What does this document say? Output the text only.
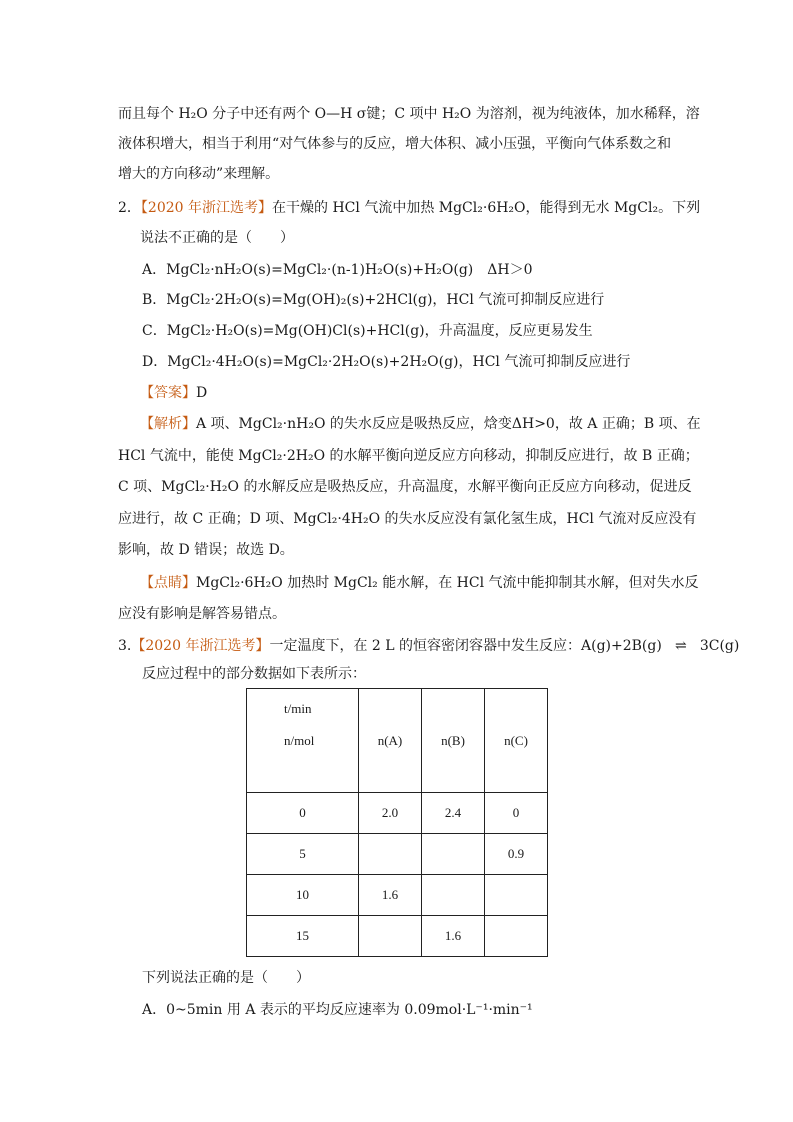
而且每个 H₂O 分子中还有两个 O—H σ键；C 项中 H₂O 为溶剂，视为纯液体，加水稀释，溶
液体积增大，相当于利用“对气体参与的反应，增大体积、减小压强，平衡向气体系数之和
增大的方向移动”来理解。
2．【2020 年浙江选考】在干燥的 HCl 气流中加热 MgCl₂·6H₂O，能得到无水 MgCl₂。下列
说法不正确的是（　　）
A．MgCl₂·nH₂O(s)=MgCl₂·(n-1)H₂O(s)+H₂O(g)　ΔH＞0
B．MgCl₂·2H₂O(s)=Mg(OH)₂(s)+2HCl(g)，HCl 气流可抑制反应进行
C．MgCl₂·H₂O(s)=Mg(OH)Cl(s)+HCl(g)，升高温度，反应更易发生
D．MgCl₂·4H₂O(s)=MgCl₂·2H₂O(s)+2H₂O(g)，HCl 气流可抑制反应进行
【答案】D
【解析】A 项、MgCl₂·nH₂O 的失水反应是吸热反应，焓变ΔH>0，故 A 正确；B 项、在
HCl 气流中，能使 MgCl₂·2H₂O 的水解平衡向逆反应方向移动，抑制反应进行，故 B 正确；
C 项、MgCl₂·H₂O 的水解反应是吸热反应，升高温度，水解平衡向正反应方向移动，促进反
应进行，故 C 正确；D 项、MgCl₂·4H₂O 的失水反应没有氯化氢生成，HCl 气流对反应没有
影响，故 D 错误；故选 D。
【点睛】MgCl₂·6H₂O 加热时 MgCl₂ 能水解，在 HCl 气流中能抑制其水解，但对失水反
应没有影响是解答易错点。
3.【2020 年浙江选考】一定温度下，在 2 L 的恒容密闭容器中发生反应：A(g)+2B(g) ⇌ 3C(g)
反应过程中的部分数据如下表所示：
t/min
n/mol	n(A)	n(B)	n(C)
0	2.0	2.4	0
5			0.9
10	1.6		
15		1.6	
下列说法正确的是（　　）
A．0~5min 用 A 表示的平均反应速率为 0.09mol·L⁻¹·min⁻¹
